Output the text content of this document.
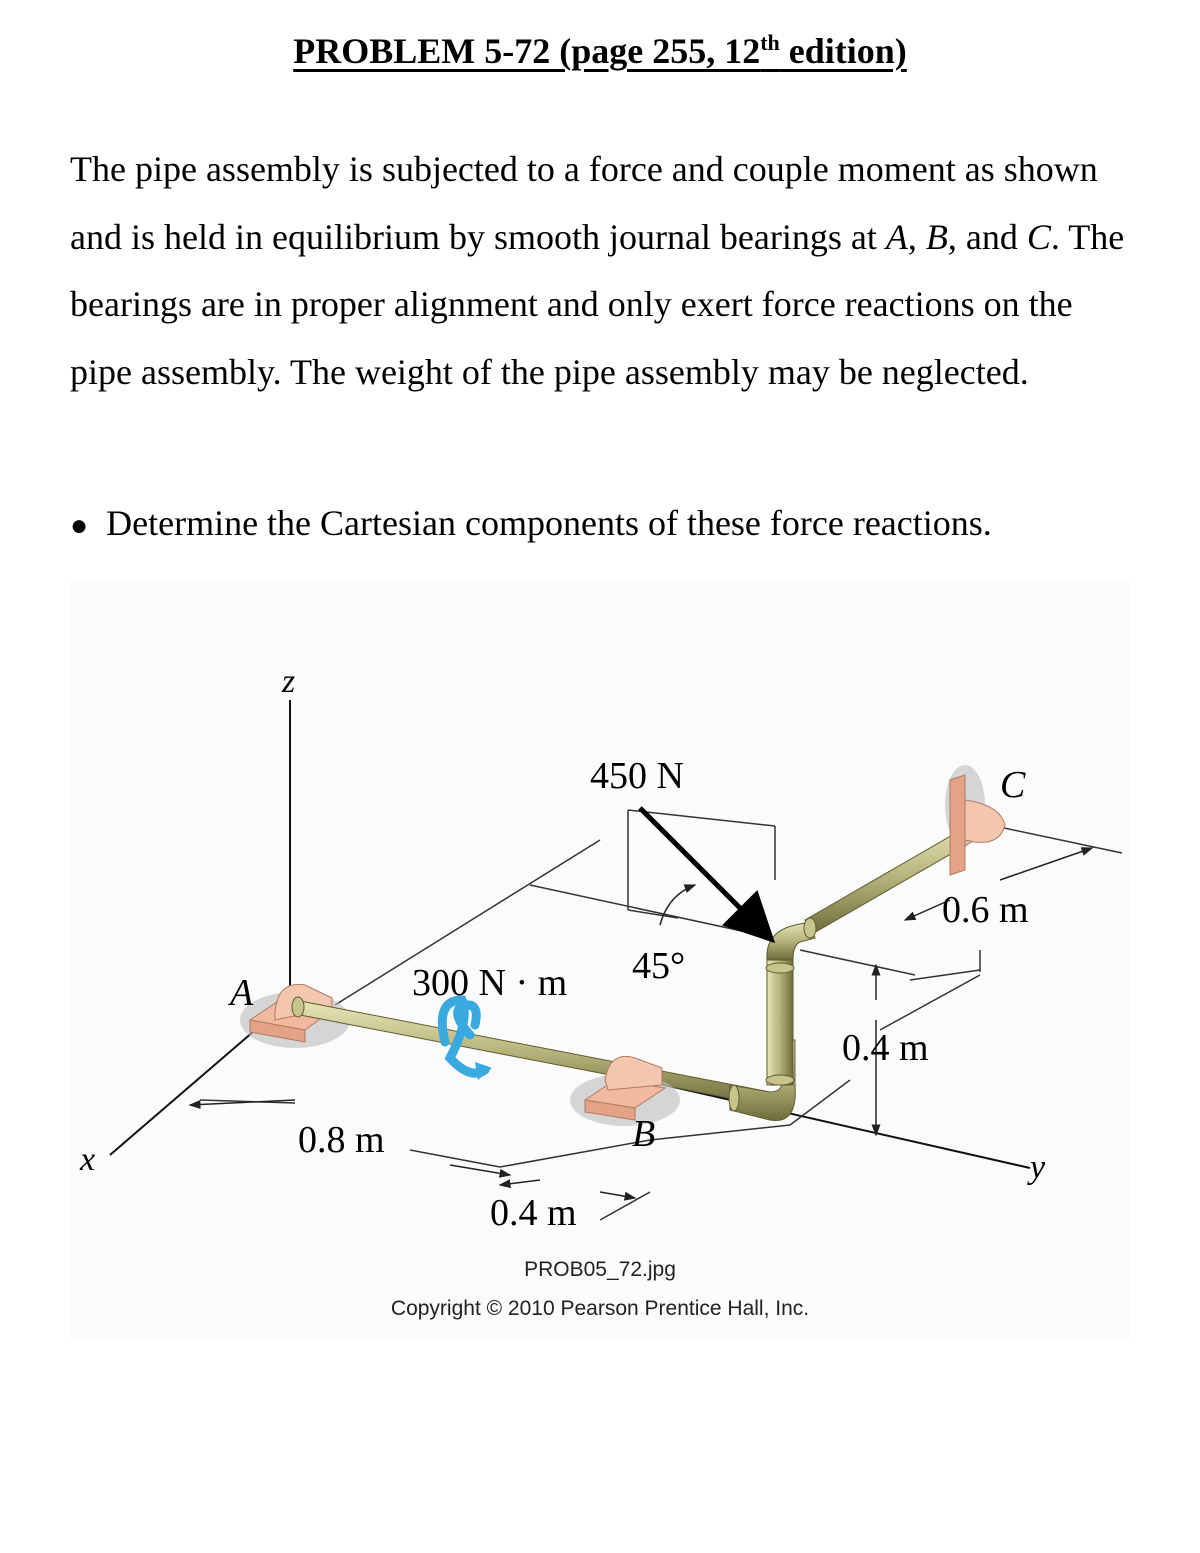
PROBLEM 5-72 (page 255, 12th edition)
The pipe assembly is subjected to a force and couple moment as shown and is held in equilibrium by smooth journal bearings at A, B, and C. The bearings are in proper alignment and only exert force reactions on the pipe assembly. The weight of the pipe assembly may be neglected.
● Determine the Cartesian components of these force reactions.
z
x	y
A
B
C
450 N
300 N · m 45°
0.8 m
0.4 m
0.4 m
0.6 m
PROB05_72.jpg
Copyright © 2010 Pearson Prentice Hall, Inc.
